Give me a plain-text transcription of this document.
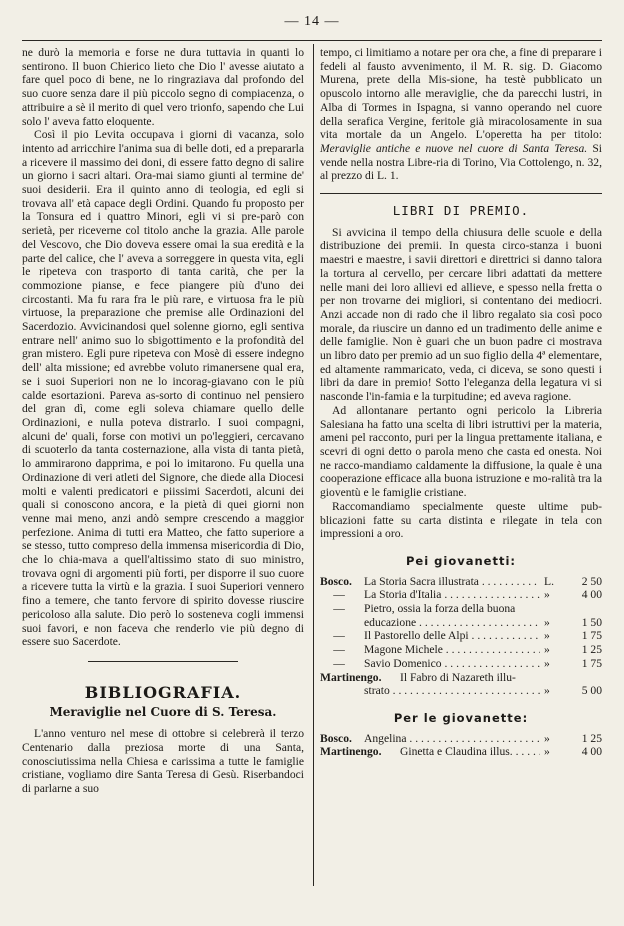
— 14 —

ne durò la memoria e forse ne dura tuttavia in quanti lo sentirono. Il buon Chierico lieto che Dio l' avesse aiutato a fare quel poco di bene, ne lo ringraziava dal profondo del suo cuore senza dare il più piccolo segno di compiacenza, o attribuire a sè il merito di quel vero trionfo, sapendo che Lui solo l' aveva fatto eloquente.

Così il pio Levita occupava i giorni di vacanza, solo intento ad arricchire l'anima sua di belle doti, ed a prepararla a ricevere il massimo dei doni, di essere fatto degno di salire un giorno i sacri altari. Ora-mai siamo giunti al termine de' suoi desiderii. Era il quinto anno di teologia, ed egli si trovava all' età capace degli Ordini. Quando fu proposto per la Tonsura ed i quattro Minori, egli vi si pre-parò con serietà, per riceverne col titolo anche la grazia. Alle parole del Vescovo, che Dio doveva essere omai la sua eredità e la parte del calice, che l' aveva a sorreggere in questa vita, egli le ripeteva con trasporto di tanta carità, che per la commozione pianse, e fece piangere più d'uno dei circostanti. Ma fu rara fra le più rare, e virtuosa fra le più virtuose, la preparazione che premise alle Ordinazioni del Sacerdozio. Avvicinandosi quel solenne giorno, egli sentiva entrare nell' animo suo lo sbigottimento e la profondità del gran mistero. Egli pure ripeteva con Mosè di essere indegno dell' alta missione; ed avrebbe voluto rimanersene qual era, se i suoi Superiori non ne lo incorag-giavano con le più calde esortazioni. Pareva as-sorto di continuo nel pensiero del gran dì, come egli soleva chiamare quello delle Ordinazioni, e nulla poteva distrarlo. I suoi compagni, alcuni de' quali, forse con motivi un po'leggieri, cercavano di scuoterlo da tanta costernazione, alla vista di tanta pietà, lo ammirarono dapprima, e poi lo imitarono. Fu quella una Ordinazione di veri atleti del Signore, che diede alla Diocesi molti e valenti predicatori e piissimi Sacerdoti, alcuni dei quali si conoscono ancora, e la pietà di quei giorni non venne mai meno, anzi andò sempre crescendo a maggior perfezione. Anima di tutti era Matteo, che fatto superiore a se stesso, tutto compreso della immensa misericordia di Dio, che lo chia-mava a quell'altissimo stato di suo ministro, trovava ogni di argomenti più forti, per disporre il suo cuore a ricevere tutta la virtù e la grazia. I suoi Superiori vennero fino a temere, che tanto fervore di spirito dovesse riuscire pericoloso alla salute. Dio però lo sosteneva cogli immensi suoi favori, e non faceva che renderlo vie più degno di essere suo Sacerdote.

BIBLIOGRAFIA.
Meraviglie nel Cuore di S. Teresa.

L'anno venturo nel mese di ottobre si celebrerà il terzo Centenario dalla preziosa morte di una Santa, conosciutissima nella Chiesa e carissima a tutte le famiglie cristiane, vogliamo dire Santa Teresa di Gesù. Riserbandoci di parlarne a suo

tempo, ci limitiamo a notare per ora che, a fine di preparare i fedeli al fausto avvenimento, il M. R. sig. D. Giacomo Murena, prete della Mis-sione, ha testè pubblicato un opuscolo intorno alle meraviglie, che da parecchi lustri, in Alba di Tormes in Ispagna, si vanno operando nel cuore della serafica Vergine, feritole già miracolosamente in sua vita mortale da un Angelo. L'operetta ha per titolo: Meraviglie antiche e nuove nel cuore di Santa Teresa. Si vende nella nostra Libre-ria di Torino, Via Cottolengo, n. 32, al prezzo di L. 1.

LIBRI DI PREMIO.

Si avvicina il tempo della chiusura delle scuole e della distribuzione dei premii. In questa circo-stanza i buoni maestri e maestre, i savii direttori e direttrici si danno talora la tortura al cervello, per cercare libri adattati da mettere nelle mani dei loro allievi ed allieve, e spesso nella fretta o per non trovarne dei migliori, si contentano dei mediocri. Anzi accade non di rado che il libro regalato sia così poco morale, da riuscire un danno ed un tradimento delle anime e delle famiglie. Non è guari che un buon padre ci mostrava un libro dato per premio ad un suo figlio della 4ª elementare, ed altamente rammaricato, veda, ci diceva, se sono questi i libri da dare in premio! Sotto l'eleganza della legatura vi si nasconde l'in-famia e la turpitudine; ed aveva ragione.

Ad allontanare pertanto ogni pericolo la Libreria Salesiana ha fatto una scelta di libri istruttivi per la materia, ameni pel racconto, puri per la lingua prettamente italiana, e scevri di ogni detto o parola meno che casta ed onesta. Noi ne racco-mandiamo caldamente la diffusione, la quale è una cooperazione efficace alla buona istruzione e mo-ralità tra la gioventù e le famiglie cristiane.

Raccomandiamo specialmente queste ultime pub-blicazioni fatte su carta distinta e rilegate in tela con impressioni a oro.

Pei giovanetti:
Bosco.	La Storia Sacra illustrata . . .	L. 2 50
—	La Storia d'Italia . . .	»	4 00
—	Pietro, ossia la forza della buona
educazione . . .	»	1 50
—	Il Pastorello delle Alpi . . .	»	1 75
—	Magone Michele . . .	»	1 25
—	Savio Domenico . . .	»	1 75
Martinengo.	Il Fabro di Nazareth illu-
strato . . .	»	5 00
Per le giovanette:
Bosco.	Angelina . . .	»	1 25
Martinengo.	Ginetta e Claudina illus. . . .	»	4 00
